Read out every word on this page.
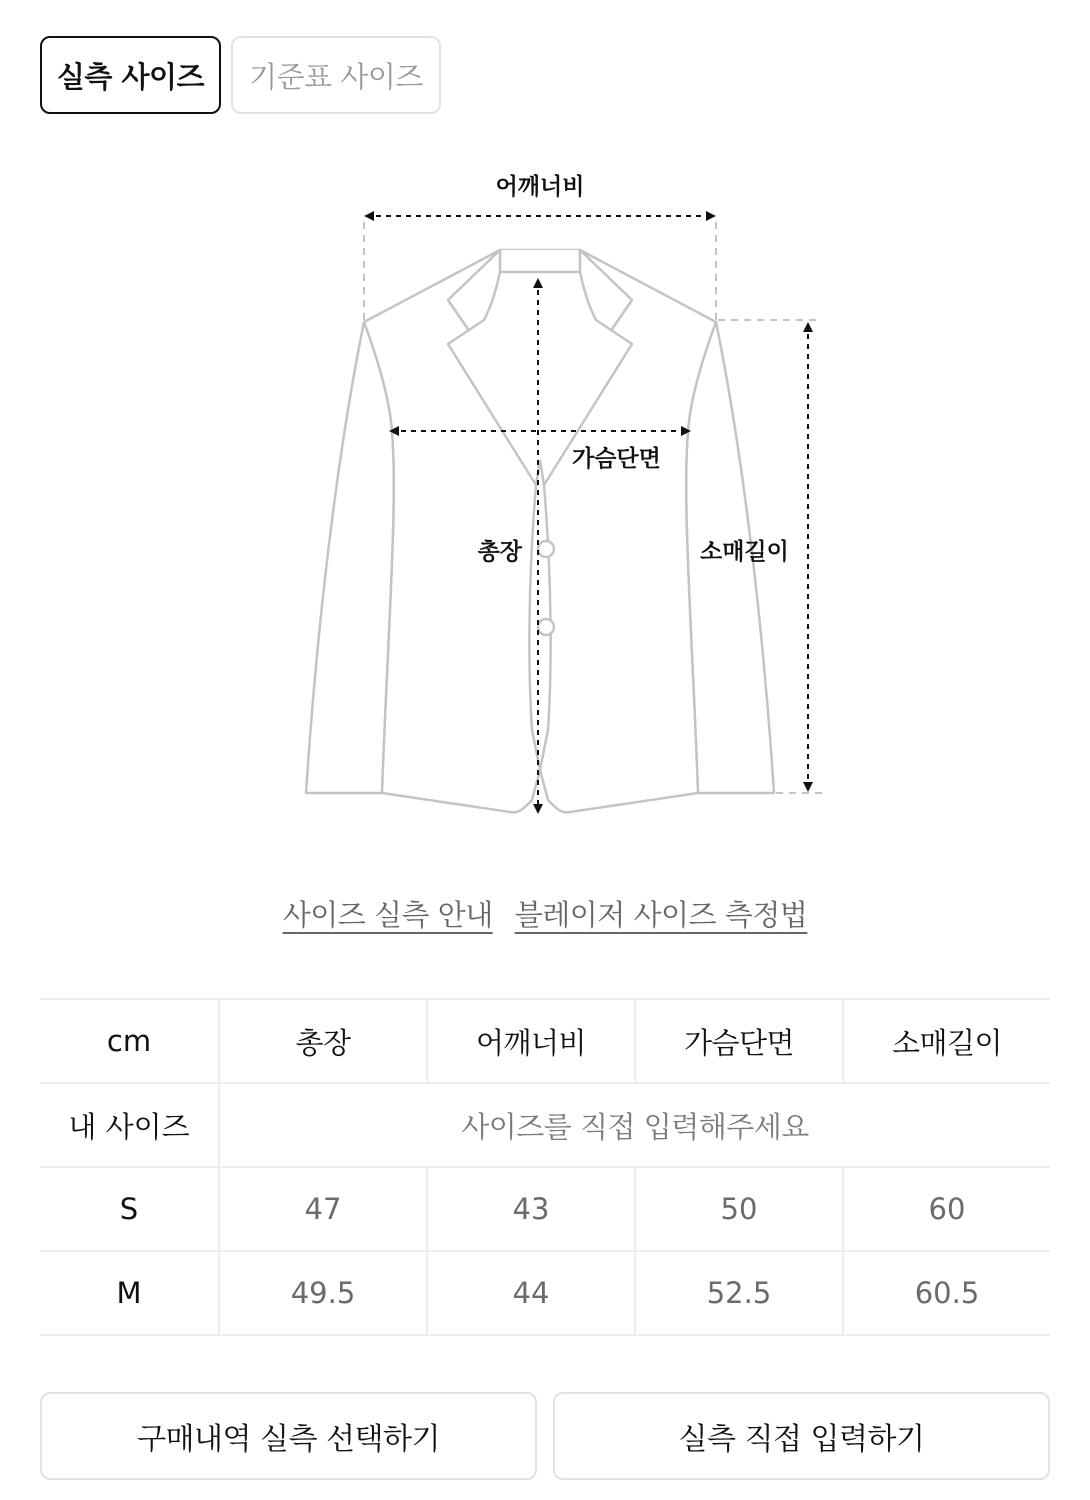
실측 사이즈	기준표 사이즈
어깨너비
가슴단면
총장	소매길이
사이즈 실측 안내 블레이저 사이즈 측정법
cm	총장	어깨너비	가슴단면	소매길이
내 사이즈	사이즈를 직접 입력해주세요			
S	47	43	50	60
M	49.5	44	52.5	60.5
구매내역 실측 선택하기	실측 직접 입력하기
